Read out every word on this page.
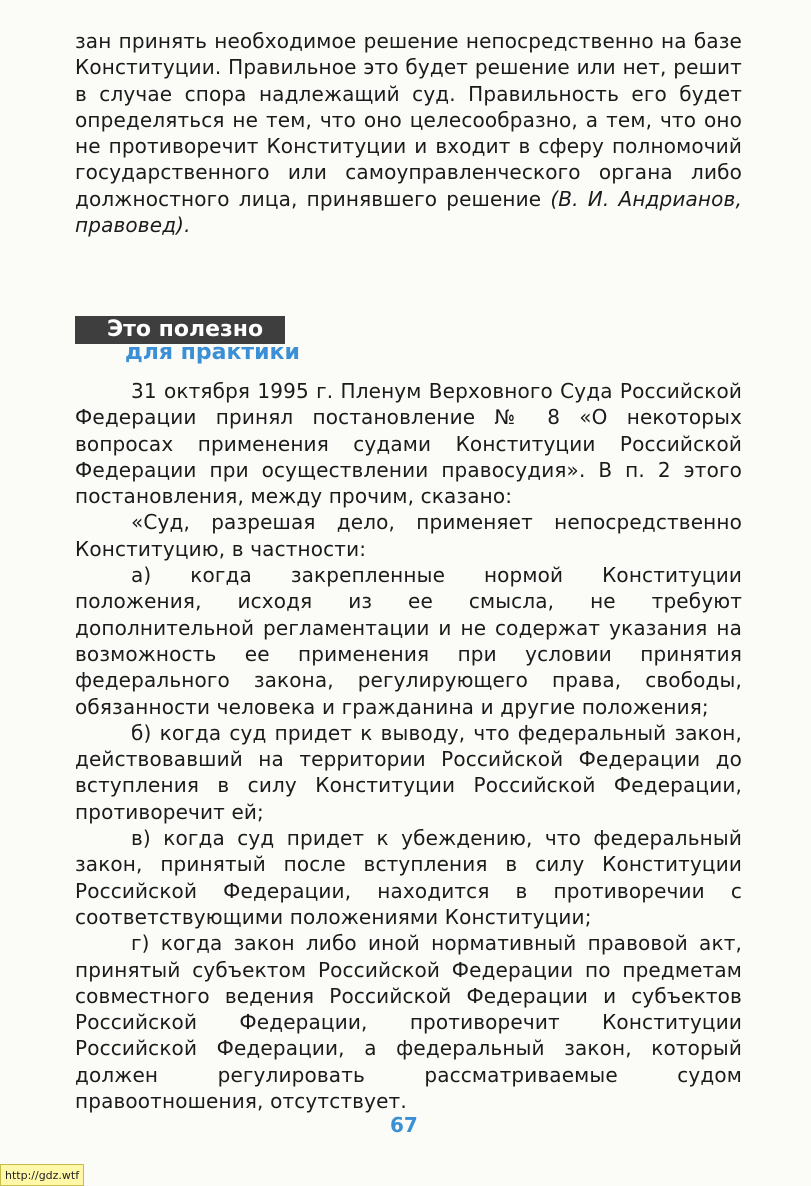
зан принять необходимое решение непосредственно на базе Конституции. Правильное это будет решение или нет, решит в случае спора надлежащий суд. Правильность его будет определяться не тем, что оно целесообразно, а тем, что оно не противоречит Конституции и входит в сферу полномочий государственного или самоуправленческого органа либо должностного лица, принявшего решение (В. И. Андрианов, правовед).

Это полезно
для практики

31 октября 1995 г. Пленум Верховного Суда Российской Федерации принял постановление № 8 «О некоторых вопросах применения судами Конституции Российской Федерации при осуществлении правосудия». В п. 2 этого постановления, между прочим, сказано:

«Суд, разрешая дело, применяет непосредственно Конституцию, в частности:

а) когда закрепленные нормой Конституции положения, исходя из ее смысла, не требуют дополнительной регламентации и не содержат указания на возможность ее применения при условии принятия федерального закона, регулирующего права, свободы, обязанности человека и гражданина и другие положения;

б) когда суд придет к выводу, что федеральный закон, действовавший на территории Российской Федерации до вступления в силу Конституции Российской Федерации, противоречит ей;

в) когда суд придет к убеждению, что федеральный закон, принятый после вступления в силу Конституции Российской Федерации, находится в противоречии с соответствующими положениями Конституции;

г) когда закон либо иной нормативный правовой акт, принятый субъектом Российской Федерации по предметам совместного ведения Российской Федерации и субъектов Российской Федерации, противоречит Конституции Российской Федерации, а федеральный закон, который должен регулировать рассматриваемые судом правоотношения, отсутствует.

67
http://gdz.wtf
